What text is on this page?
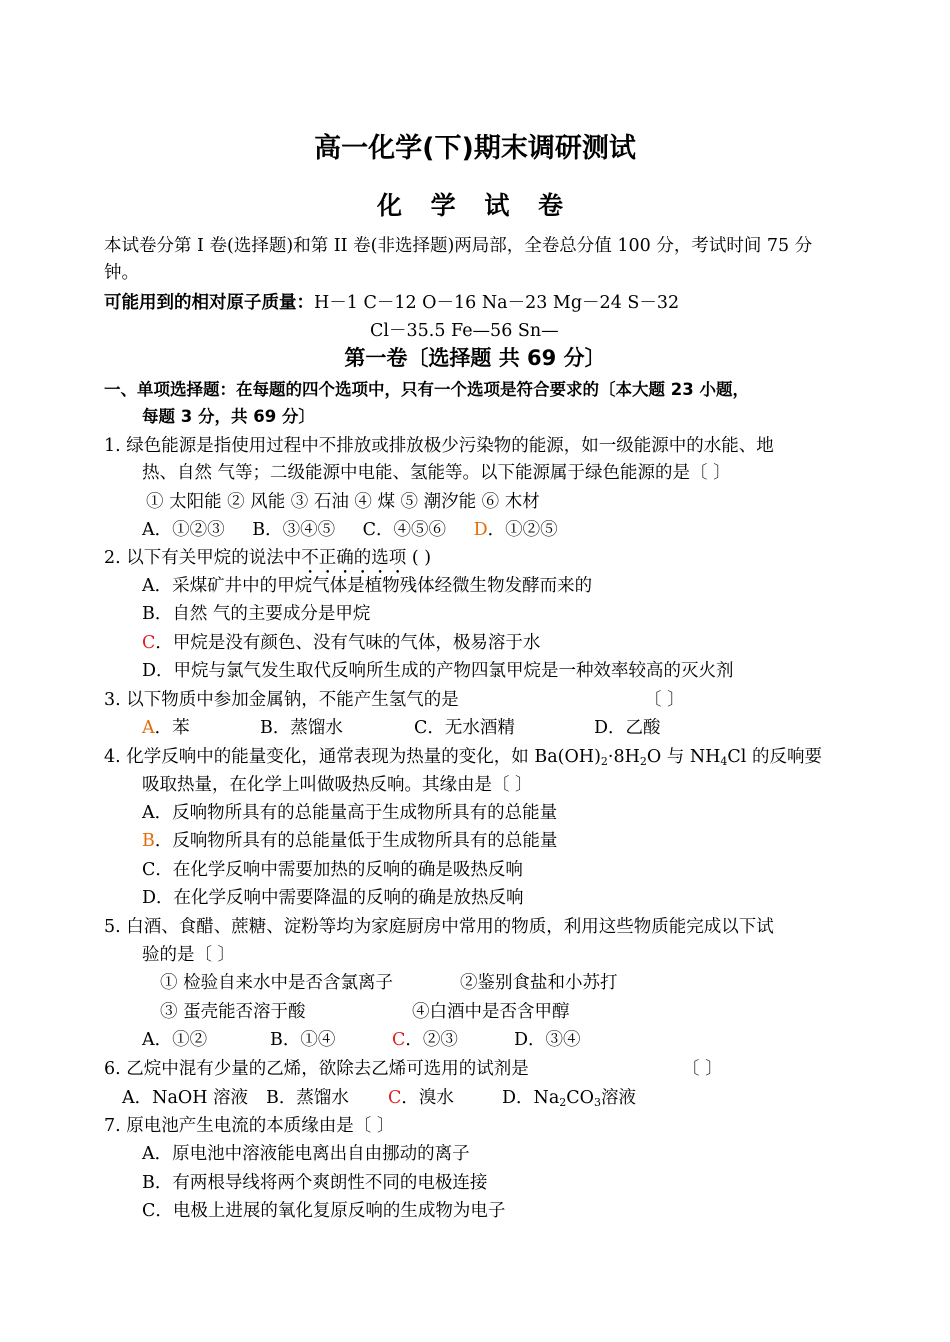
高一化学(下)期末调研测试
化 学 试 卷
本试卷分第 I 卷(选择题)和第 II 卷(非选择题)两局部，全卷总分值 100 分，考试时间 75 分
钟。
可能用到的相对原子质量：H－1 C－12 O－16 Na－23 Mg－24 S－32
Cl－35.5 Fe—56 Sn—
第一卷〔选择题 共 69 分〕
一、单项选择题：在每题的四个选项中，只有一个选项是符合要求的〔本大题 23 小题，
每题 3 分，共 69 分〕
1. 绿色能源是指使用过程中不排放或排放极少污染物的能源，如一级能源中的水能、地
热、自然 气等；二级能源中电能、氢能等。以下能源属于绿色能源的是〔 〕
① 太阳能 ② 风能 ③ 石油 ④ 煤 ⑤ 潮汐能 ⑥ 木材
A．①②③ B．③④⑤ C．④⑤⑥ D．①②⑤
2. 以下有关甲烷的说法中不正确的选项 ( )
A．采煤矿井中的甲烷气体是植物残体经微生物发酵而来的
B．自然 气的主要成分是甲烷
C．甲烷是没有颜色、没有气味的气体，极易溶于水
D．甲烷与氯气发生取代反响所生成的产物四氯甲烷是一种效率较高的灭火剂
3. 以下物质中参加金属钠，不能产生氢气的是	〔 〕
A．苯	B．蒸馏水	C．无水酒精	D．乙酸
4. 化学反响中的能量变化，通常表现为热量的变化，如 $Ba(OH)_2\cdot 8H_2O$ 与 $NH_4Cl$ 的反响要
吸取热量，在化学上叫做吸热反响。其缘由是〔 〕
A．反响物所具有的总能量高于生成物所具有的总能量
B．反响物所具有的总能量低于生成物所具有的总能量
C．在化学反响中需要加热的反响的确是吸热反响
D．在化学反响中需要降温的反响的确是放热反响
5. 白酒、食醋、蔗糖、淀粉等均为家庭厨房中常用的物质，利用这些物质能完成以下试
验的是〔 〕
① 检验自来水中是否含氯离子	②鉴别食盐和小苏打
③ 蛋壳能否溶于酸	④白酒中是否含甲醇
A．①②	B．①④	C．②③	D．③④
6. 乙烷中混有少量的乙烯，欲除去乙烯可选用的试剂是	〔 〕
A．NaOH 溶液 B．蒸馏水 C．溴水	D．$Na_2CO_3$溶液
7. 原电池产生电流的本质缘由是〔 〕
A．原电池中溶液能电离出自由挪动的离子
B．有两根导线将两个爽朗性不同的电极连接
C．电极上进展的氧化复原反响的生成物为电子
